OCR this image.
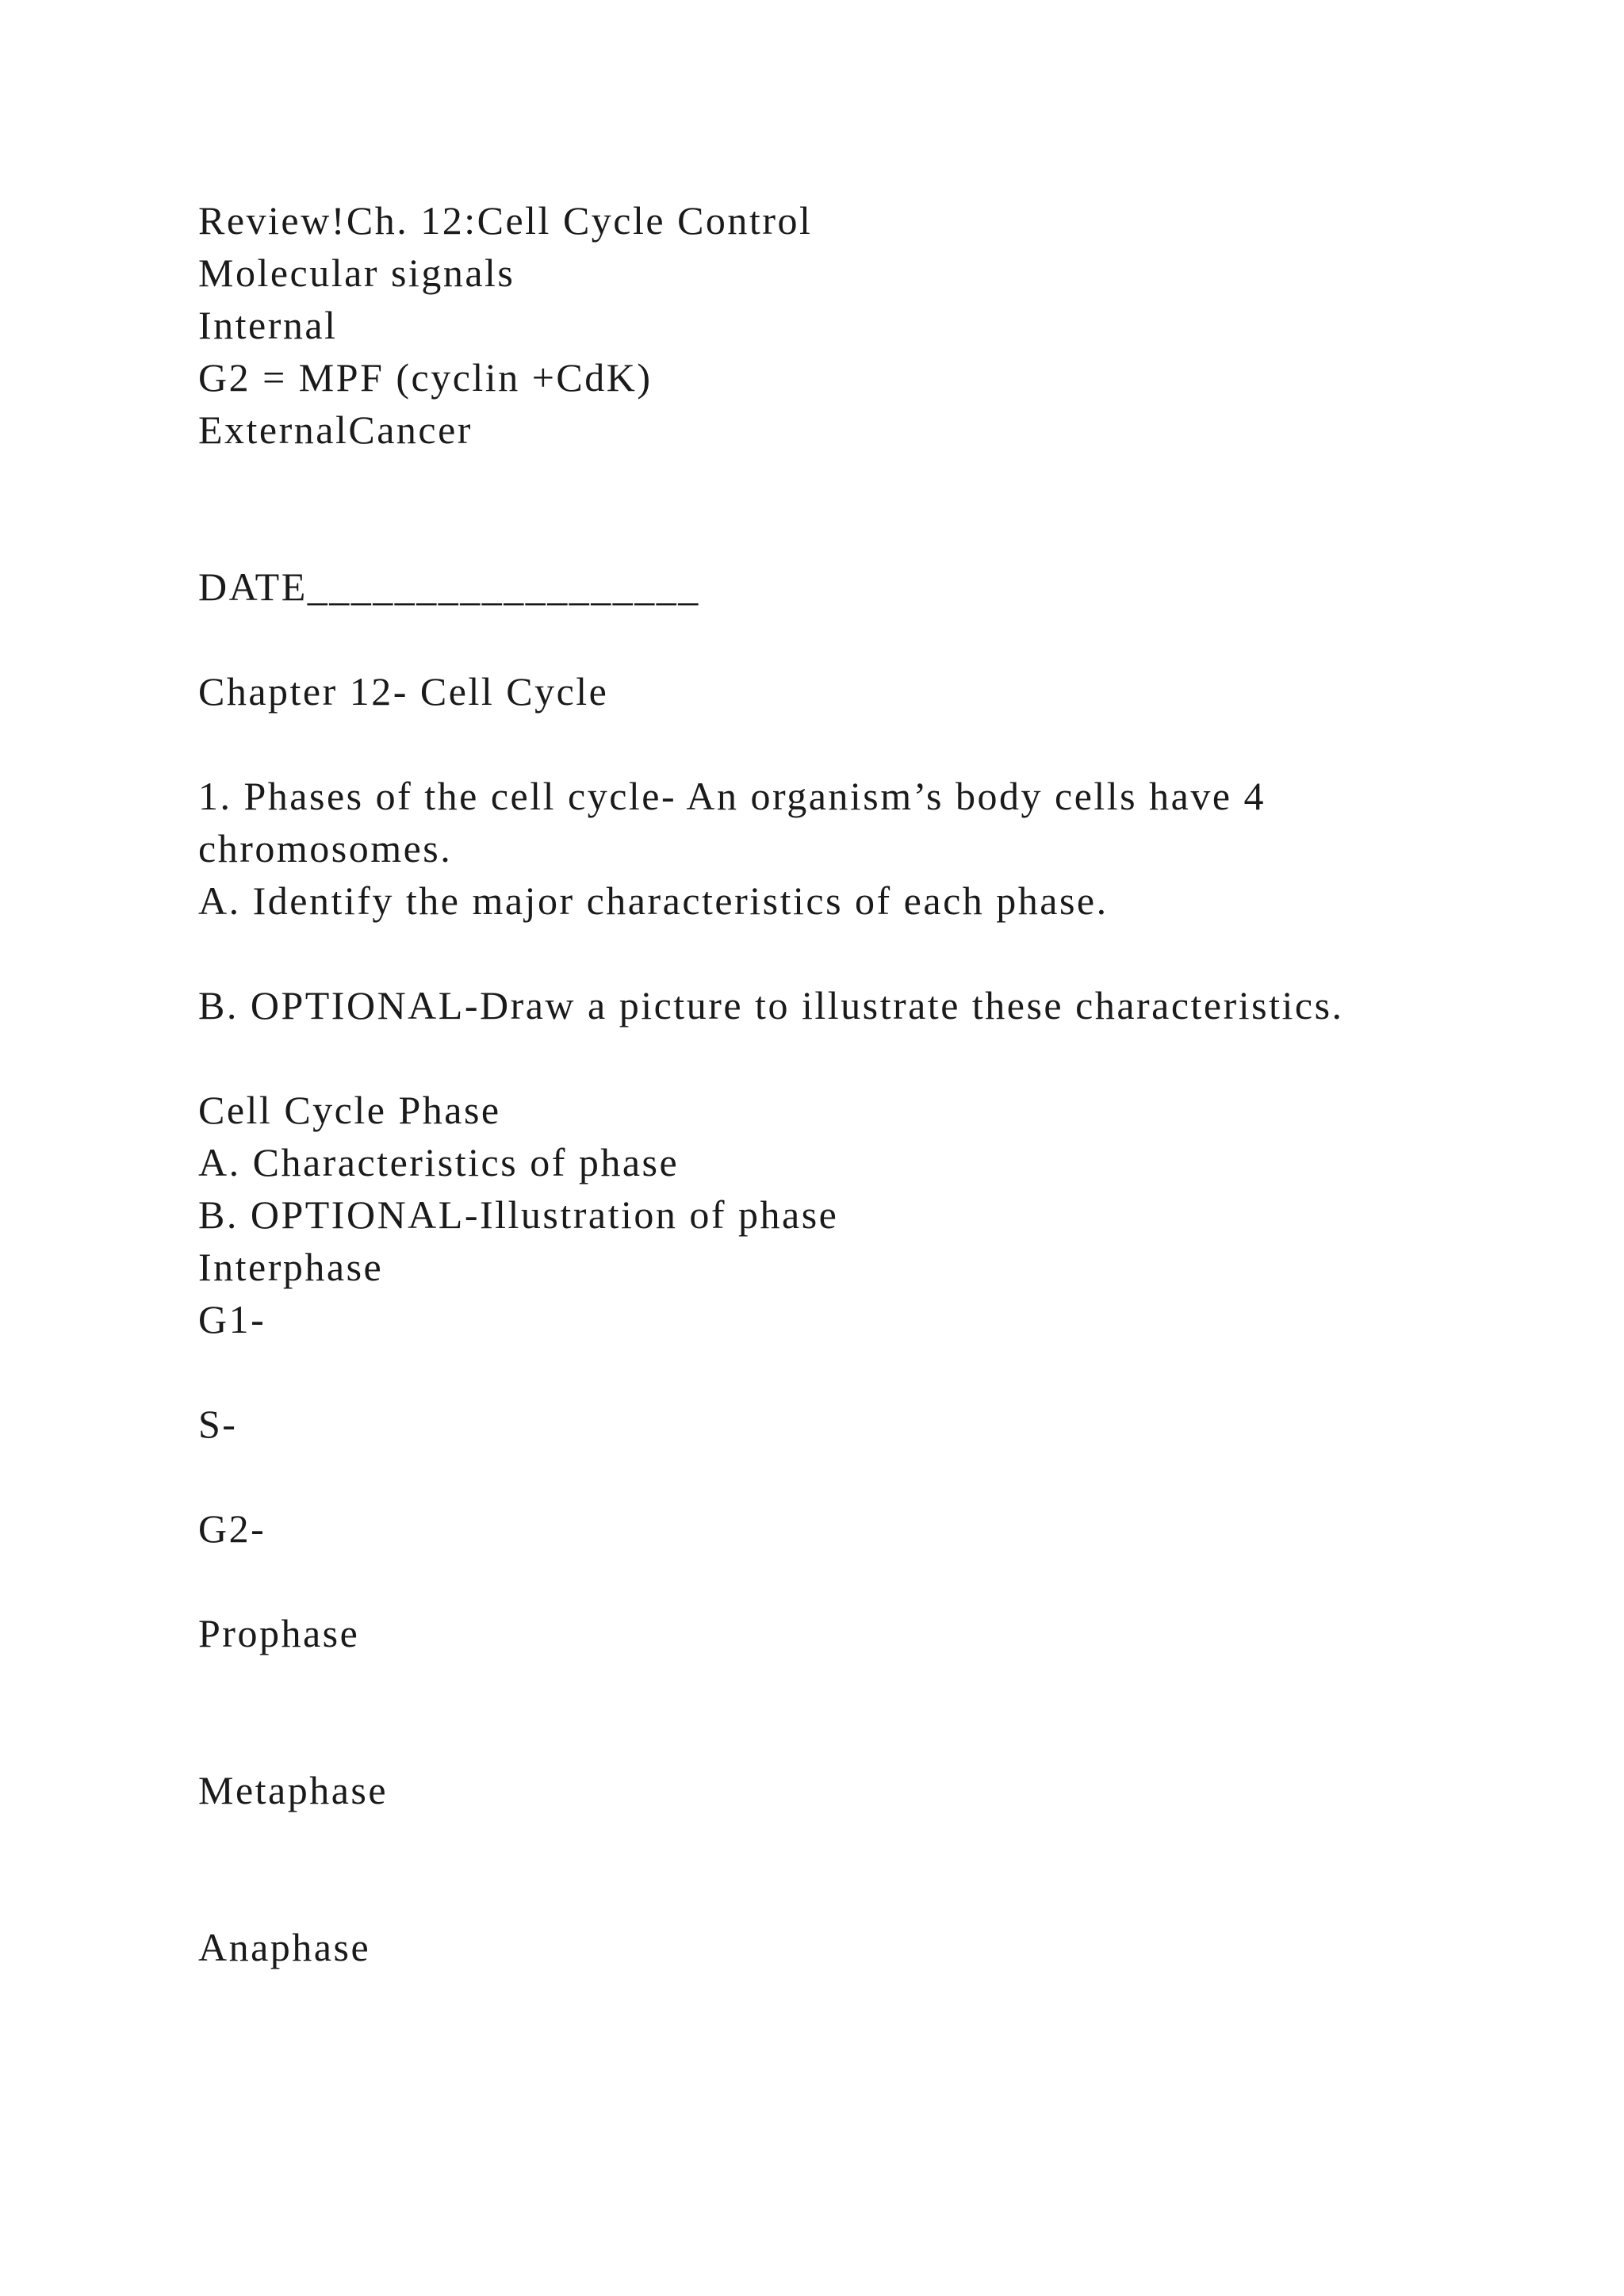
Review!Ch. 12:Cell Cycle Control

Molecular signals

Internal

G2 = MPF (cyclin +CdK)

ExternalCancer

DATE__________________

Chapter 12- Cell Cycle

1. Phases of the cell cycle- An organism’s body cells have 4

chromosomes.

A. Identify the major characteristics of each phase.

B. OPTIONAL-Draw a picture to illustrate these characteristics.

Cell Cycle Phase

A. Characteristics of phase

B. OPTIONAL-Illustration of phase

Interphase

G1-

S-

G2-

Prophase

Metaphase

Anaphase
